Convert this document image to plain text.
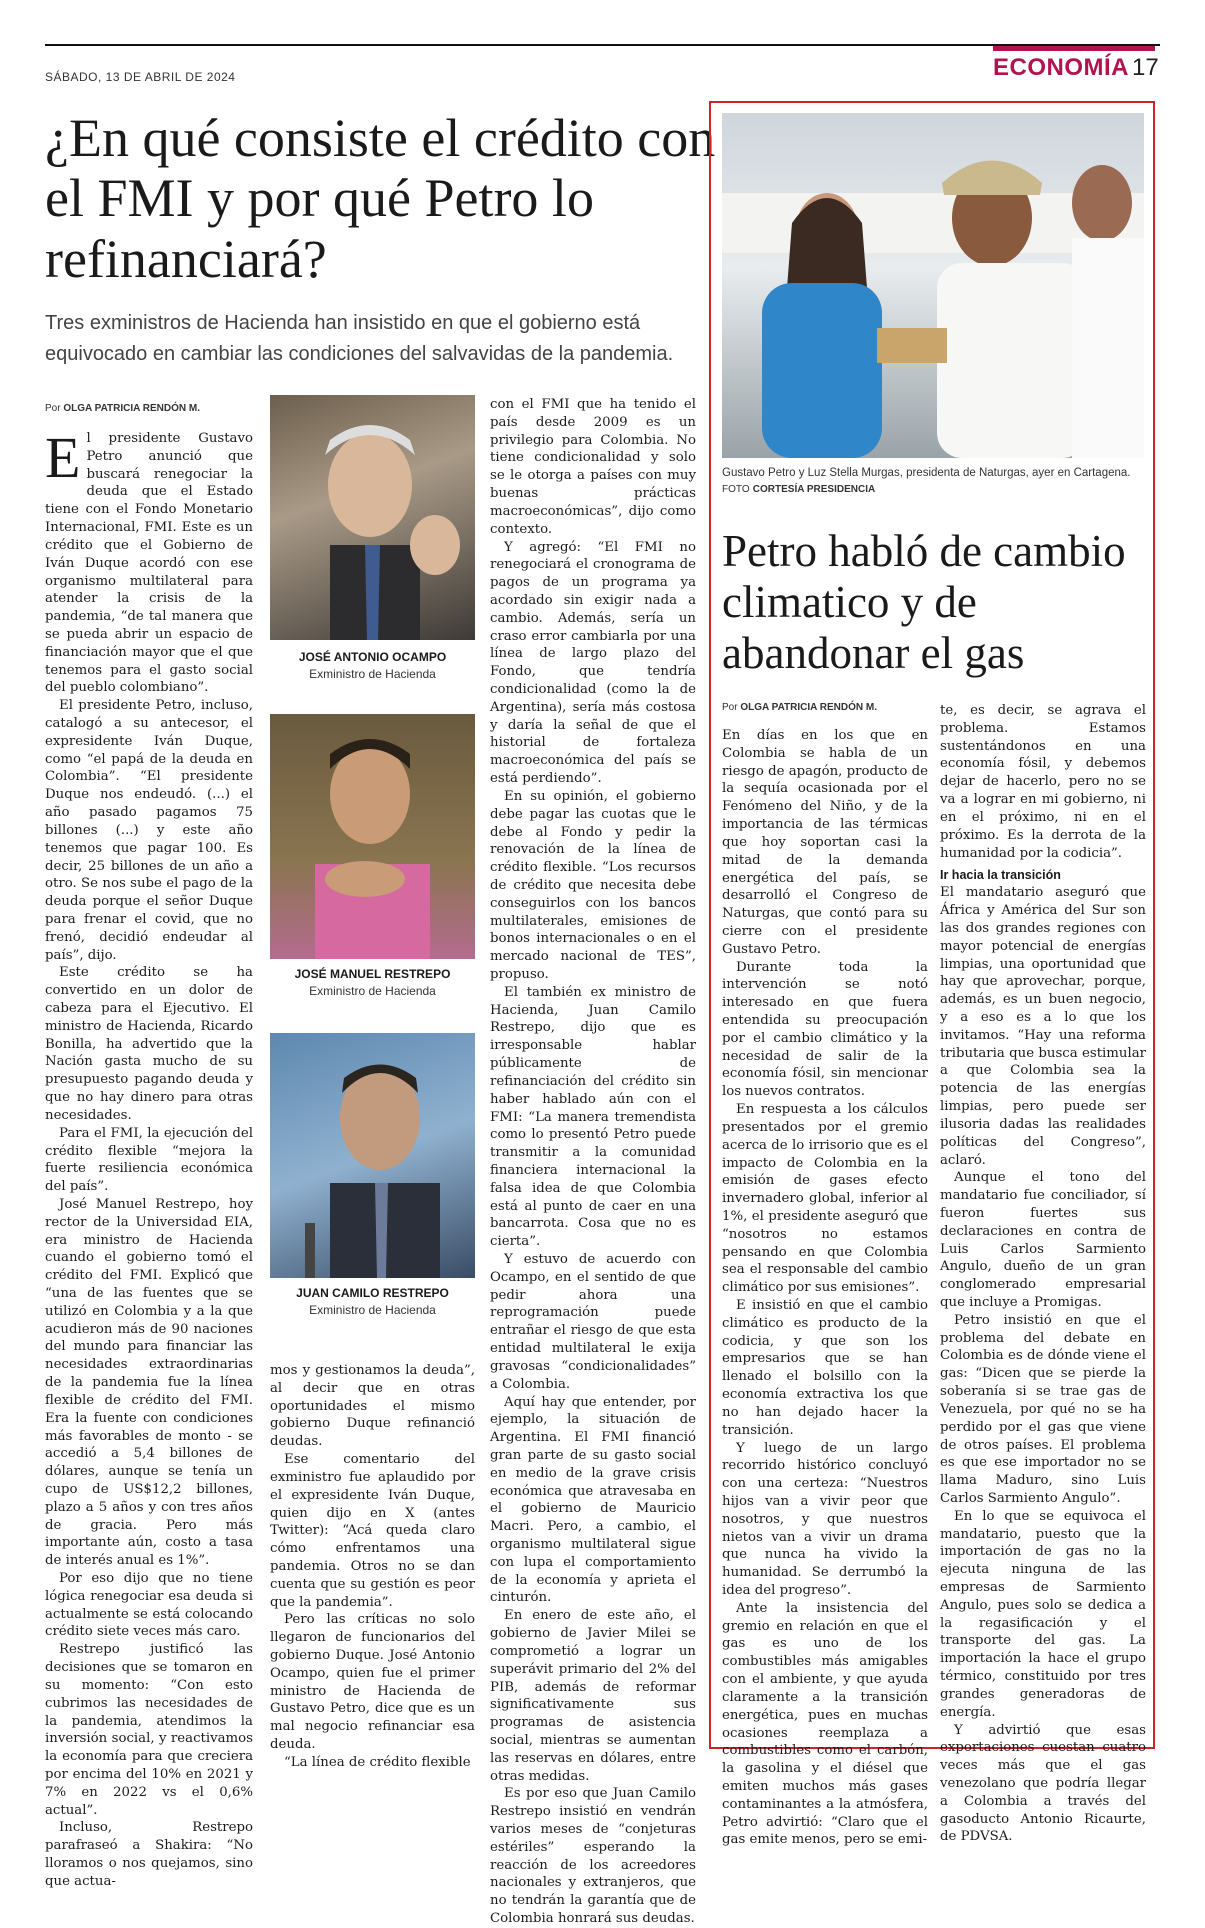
SÁBADO, 13 DE ABRIL DE 2024	ECONOMÍA 17
¿En qué consiste el crédito con el FMI y por qué Petro lo refinanciará?
Tres exministros de Hacienda han insistido en que el gobierno está equivocado en cambiar las condiciones del salvavidas de la pandemia.
Por OLGA PATRICIA RENDÓN M.

El presidente Gustavo Petro anunció que buscará renegociar la deuda que el Estado tiene con el Fondo Monetario Internacional, FMI. Este es un crédito que el Gobierno de Iván Duque acordó con ese organismo multilateral para atender la crisis de la pandemia, “de tal manera que se pueda abrir un espacio de financiación mayor que el que tenemos para el gasto social del pueblo colombiano”.

El presidente Petro, incluso, catalogó a su antecesor, el expresidente Iván Duque, como “el papá de la deuda en Colombia”. “El presidente Duque nos endeudó. (...) el año pasado pagamos 75 billones (...) y este año tenemos que pagar 100. Es decir, 25 billones de un año a otro. Se nos sube el pago de la deuda porque el señor Duque para frenar el covid, que no frenó, decidió endeudar al país”, dijo.

Este crédito se ha convertido en un dolor de cabeza para el Ejecutivo. El ministro de Hacienda, Ricardo Bonilla, ha advertido que la Nación gasta mucho de su presupuesto pagando deuda y que no hay dinero para otras necesidades.

Para el FMI, la ejecución del crédito flexible “mejora la fuerte resiliencia económica del país”.

José Manuel Restrepo, hoy rector de la Universidad EIA, era ministro de Hacienda cuando el gobierno tomó el crédito del FMI. Explicó que “una de las fuentes que se utilizó en Colombia y a la que acudieron más de 90 naciones del mundo para financiar las necesidades extraordinarias de la pandemia fue la línea flexible de crédito del FMI. Era la fuente con condiciones más favorables de monto - se accedió a 5,4 billones de dólares, aunque se tenía un cupo de US$12,2 billones, plazo a 5 años y con tres años de gracia. Pero más importante aún, costo a tasa de interés anual es 1%”.

Por eso dijo que no tiene lógica renegociar esa deuda si actualmente se está colocando crédito siete veces más caro.

Restrepo justificó las decisiones que se tomaron en su momento: “Con esto cubrimos las necesidades de la pandemia, atendimos la inversión social, y reactivamos la economía para que creciera por encima del 10% en 2021 y 7% en 2022 vs el 0,6% actual”.

Incluso, Restrepo parafraseó a Shakira: “No lloramos o nos quejamos, sino que actua-

JOSÉ ANTONIO OCAMPO
Exministro de Hacienda
JOSÉ MANUEL RESTREPO
Exministro de Hacienda
JUAN CAMILO RESTREPO
Exministro de Hacienda

mos y gestionamos la deuda”, al decir que en otras oportunidades el mismo gobierno Duque refinanció deudas.

Ese comentario del exministro fue aplaudido por el expresidente Iván Duque, quien dijo en X (antes Twitter): “Acá queda claro cómo enfrentamos una pandemia. Otros no se dan cuenta que su gestión es peor que la pandemia”.

Pero las críticas no solo llegaron de funcionarios del gobierno Duque. José Antonio Ocampo, quien fue el primer ministro de Hacienda de Gustavo Petro, dice que es un mal negocio refinanciar esa deuda.

“La línea de crédito flexible

con el FMI que ha tenido el país desde 2009 es un privilegio para Colombia. No tiene condicionalidad y solo se le otorga a países con muy buenas prácticas macroeconómicas”, dijo como contexto.

Y agregó: “El FMI no renegociará el cronograma de pagos de un programa ya acordado sin exigir nada a cambio. Además, sería un craso error cambiarla por una línea de largo plazo del Fondo, que tendría condicionalidad (como la de Argentina), sería más costosa y daría la señal de que el historial de fortaleza macroeconómica del país se está perdiendo”.

En su opinión, el gobierno debe pagar las cuotas que le debe al Fondo y pedir la renovación de la línea de crédito flexible. “Los recursos de crédito que necesita debe conseguirlos con los bancos multilaterales, emisiones de bonos internacionales o en el mercado nacional de TES”, propuso.

El también ex ministro de Hacienda, Juan Camilo Restrepo, dijo que es irresponsable hablar públicamente de refinanciación del crédito sin haber hablado aún con el FMI: “La manera tremendista como lo presentó Petro puede transmitir a la comunidad financiera internacional la falsa idea de que Colombia está al punto de caer en una bancarrota. Cosa que no es cierta”.

Y estuvo de acuerdo con Ocampo, en el sentido de que pedir ahora una reprogramación puede entrañar el riesgo de que esta entidad multilateral le exija gravosas “condicionalidades” a Colombia.

Aquí hay que entender, por ejemplo, la situación de Argentina. El FMI financió gran parte de su gasto social en medio de la grave crisis económica que atravesaba en el gobierno de Mauricio Macri. Pero, a cambio, el organismo multilateral sigue con lupa el comportamiento de la economía y aprieta el cinturón.

En enero de este año, el gobierno de Javier Milei se comprometió a lograr un superávit primario del 2% del PIB, además de reformar significativamente sus programas de asistencia social, mientras se aumentan las reservas en dólares, entre otras medidas.

Es por eso que Juan Camilo Restrepo insistió en vendrán varios meses de “conjeturas estériles” esperando la reacción de los acreedores nacionales y extranjeros, que no tendrán la garantía que de Colombia honrará sus deudas.

Gustavo Petro y Luz Stella Murgas, presidenta de Naturgas, ayer en Cartagena. FOTO CORTESÍA PRESIDENCIA
Petro habló de cambio climatico y de abandonar el gas
Por OLGA PATRICIA RENDÓN M.

En días en los que en Colombia se habla de un riesgo de apagón, producto de la sequía ocasionada por el Fenómeno del Niño, y de la importancia de las térmicas que hoy soportan casi la mitad de la demanda energética del país, se desarrolló el Congreso de Naturgas, que contó para su cierre con el presidente Gustavo Petro.

Durante toda la intervención se notó interesado en que fuera entendida su preocupación por el cambio climático y la necesidad de salir de la economía fósil, sin mencionar los nuevos contratos.

En respuesta a los cálculos presentados por el gremio acerca de lo irrisorio que es el impacto de Colombia en la emisión de gases efecto invernadero global, inferior al 1%, el presidente aseguró que “nosotros no estamos pensando en que Colombia sea el responsable del cambio climático por sus emisiones”.

E insistió en que el cambio climático es producto de la codicia, y que son los empresarios que se han llenado el bolsillo con la economía extractiva los que no han dejado hacer la transición.

Y luego de un largo recorrido histórico concluyó con una certeza: “Nuestros hijos van a vivir peor que nosotros, y que nuestros nietos van a vivir un drama que nunca ha vivido la humanidad. Se derrumbó la idea del progreso”.

Ante la insistencia del gremio en relación en que el gas es uno de los combustibles más amigables con el ambiente, y que ayuda claramente a la transición energética, pues en muchas ocasiones reemplaza a combustibles como el carbón, la gasolina y el diésel que emiten muchos más gases contaminantes a la atmósfera, Petro advirtió: “Claro que el gas emite menos, pero se emi-

te, es decir, se agrava el problema. Estamos sustentándonos en una economía fósil, y debemos dejar de hacerlo, pero no se va a lograr en mi gobierno, ni en el próximo, ni en el próximo. Es la derrota de la humanidad por la codicia”.

Ir hacia la transición

El mandatario aseguró que África y América del Sur son las dos grandes regiones con mayor potencial de energías limpias, una oportunidad que hay que aprovechar, porque, además, es un buen negocio, y a eso es a lo que los invitamos. “Hay una reforma tributaria que busca estimular a que Colombia sea la potencia de las energías limpias, pero puede ser ilusoria dadas las realidades políticas del Congreso”, aclaró.

Aunque el tono del mandatario fue conciliador, sí fueron fuertes sus declaraciones en contra de Luis Carlos Sarmiento Angulo, dueño de un gran conglomerado empresarial que incluye a Promigas.

Petro insistió en que el problema del debate en Colombia es de dónde viene el gas: “Dicen que se pierde la soberanía si se trae gas de Venezuela, por qué no se ha perdido por el gas que viene de otros países. El problema es que ese importador no se llama Maduro, sino Luis Carlos Sarmiento Angulo”.

En lo que se equivoca el mandatario, puesto que la importación de gas no la ejecuta ninguna de las empresas de Sarmiento Angulo, pues solo se dedica a la regasificación y el transporte del gas. La importación la hace el grupo térmico, constituido por tres grandes generadoras de energía.

Y advirtió que esas exportaciones cuestan cuatro veces más que el gas venezolano que podría llegar a Colombia a través del gasoducto Antonio Ricaurte, de PDVSA.
